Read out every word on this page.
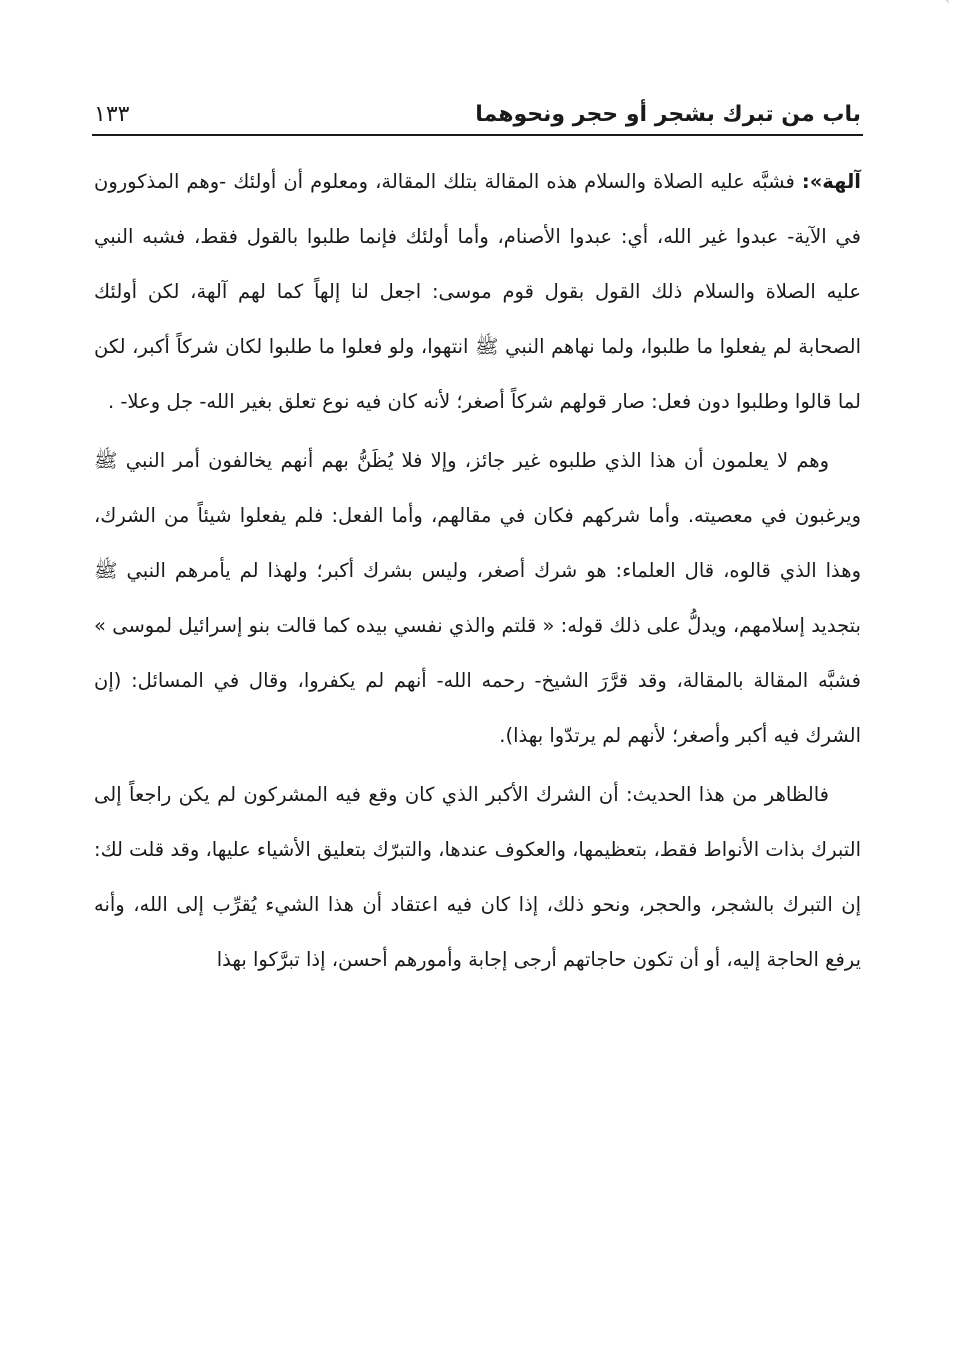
باب من تبرك بشجر أو حجر ونحوهما
١٣٣

آلهة»: فشبَّه عليه الصلاة والسلام هذه المقالة بتلك المقالة، ومعلوم أن أولئك -وهم المذكورون في الآية- عبدوا غير الله، أي: عبدوا الأصنام، وأما أولئك فإنما طلبوا بالقول فقط، فشبه النبي عليه الصلاة والسلام ذلك القول بقول قوم موسى: اجعل لنا إلهاً كما لهم آلهة، لكن أولئك الصحابة لم يفعلوا ما طلبوا، ولما نهاهم النبي ﷺ انتهوا، ولو فعلوا ما طلبوا لكان شركاً أكبر، لكن لما قالوا وطلبوا دون فعل: صار قولهم شركاً أصغر؛ لأنه كان فيه نوع تعلق بغير الله- جل وعلا- .

وهم لا يعلمون أن هذا الذي طلبوه غير جائز، وإلا فلا يُظَنُّ بهم أنهم يخالفون أمر النبي ﷺ ويرغبون في معصيته. وأما شركهم فكان في مقالهم، وأما الفعل: فلم يفعلوا شيئاً من الشرك، وهذا الذي قالوه، قال العلماء: هو شرك أصغر، وليس بشرك أكبر؛ ولهذا لم يأمرهم النبي ﷺ بتجديد إسلامهم، ويدلُّ على ذلك قوله: « قلتم والذي نفسي بيده كما قالت بنو إسرائيل لموسى » فشبَّه المقالة بالمقالة، وقد قرَّرَ الشيخ- رحمه الله- أنهم لم يكفروا، وقال في المسائل: (إن الشرك فيه أكبر وأصغر؛ لأنهم لم يرتدّوا بهذا).

فالظاهر من هذا الحديث: أن الشرك الأكبر الذي كان وقع فيه المشركون لم يكن راجعاً إلى التبرك بذات الأنواط فقط، بتعظيمها، والعكوف عندها، والتبرّك بتعليق الأشياء عليها، وقد قلت لك: إن التبرك بالشجر، والحجر، ونحو ذلك، إذا كان فيه اعتقاد أن هذا الشيء يُقرِّب إلى الله، وأنه يرفع الحاجة إليه، أو أن تكون حاجاتهم أرجى إجابة وأمورهم أحسن، إذا تبرَّكوا بهذا
